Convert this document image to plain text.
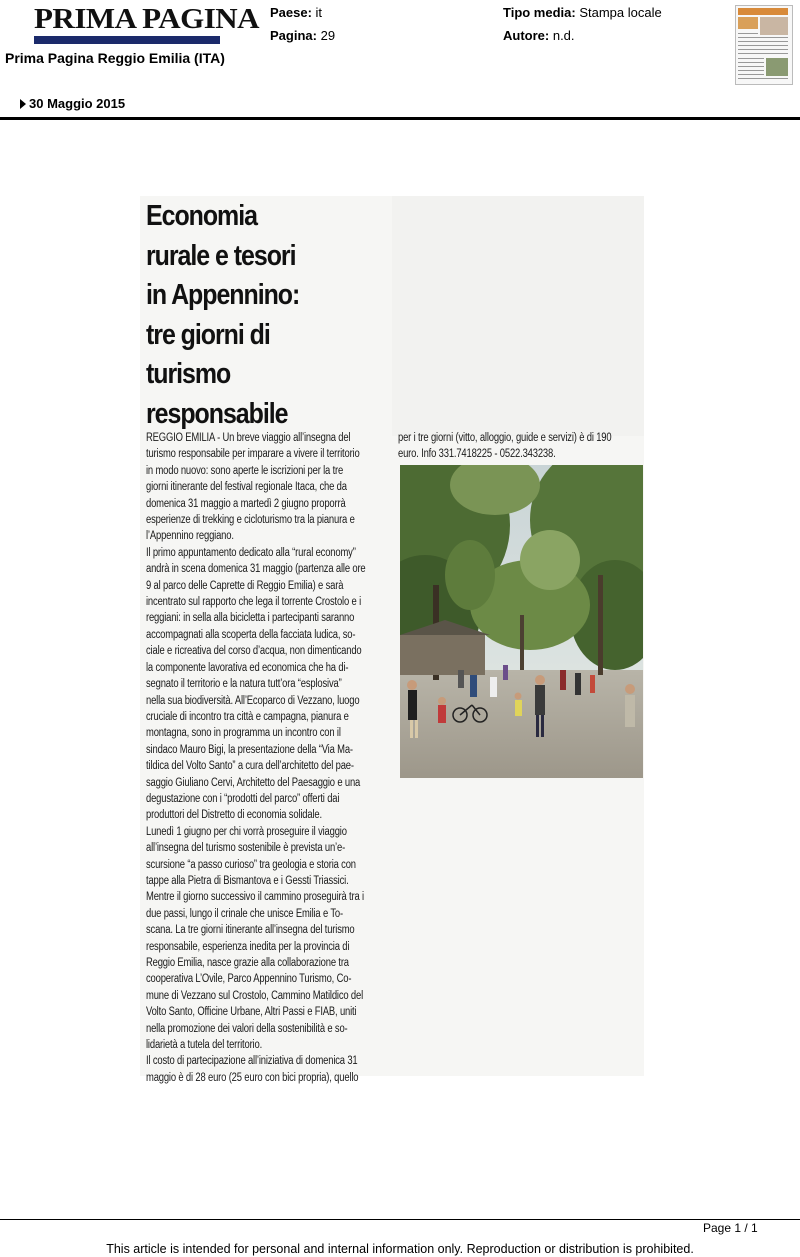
PRIMA PAGINA
Prima Pagina Reggio Emilia (ITA)
Paese: it
Pagina: 29
Tipo media: Stampa locale
Autore: n.d.
30 Maggio 2015
Economia
rurale e tesori
in Appennino:
tre giorni di
turismo
responsabile
REGGIO EMILIA - Un breve viaggio all’insegna del
turismo responsabile per imparare a vivere il territorio
in modo nuovo: sono aperte le iscrizioni per la tre
giorni itinerante del festival regionale Itaca, che da
domenica 31 maggio a martedì 2 giugno proporrà
esperienze di trekking e cicloturismo tra la pianura e
l’Appennino reggiano.
Il primo appuntamento dedicato alla “rural economy”
andrà in scena domenica 31 maggio (partenza alle ore
9 al parco delle Caprette di Reggio Emilia) e sarà
incentrato sul rapporto che lega il torrente Crostolo e i
reggiani: in sella alla bicicletta i partecipanti saranno
accompagnati alla scoperta della facciata ludica, so-
ciale e ricreativa del corso d’acqua, non dimenticando
la componente lavorativa ed economica che ha di-
segnato il territorio e la natura tutt’ora “esplosiva”
nella sua biodiversità. All’Ecoparco di Vezzano, luogo
cruciale di incontro tra città e campagna, pianura e
montagna, sono in programma un incontro con il
sindaco Mauro Bigi, la presentazione della “Via Ma-
tildica del Volto Santo” a cura dell’architetto del pae-
saggio Giuliano Cervi, Architetto del Paesaggio e una
degustazione con i “prodotti del parco” offerti dai
produttori del Distretto di economia solidale.
Lunedì 1 giugno per chi vorrà proseguire il viaggio
all’insegna del turismo sostenibile è prevista un’e-
scursione “a passo curioso” tra geologia e storia con
tappe alla Pietra di Bismantova e i Gessti Triassici.
Mentre il giorno successivo il cammino proseguirà tra i
due passi, lungo il crinale che unisce Emilia e To-
scana. La tre giorni itinerante all’insegna del turismo
responsabile, esperienza inedita per la provincia di
Reggio Emilia, nasce grazie alla collaborazione tra
cooperativa L’Ovile, Parco Appennino Turismo, Co-
mune di Vezzano sul Crostolo, Cammino Matildico del
Volto Santo, Officine Urbane, Altri Passi e FIAB, uniti
nella promozione dei valori della sostenibilità e so-
lidarietà a tutela del territorio.
Il costo di partecipazione all’iniziativa di domenica 31
maggio è di 28 euro (25 euro con bici propria), quello
per i tre giorni (vitto, alloggio, guide e servizi) è di 190
euro. Info 331.7418225 - 0522.343238.
Page 1 / 1
This article is intended for personal and internal information only. Reproduction or distribution is prohibited.
